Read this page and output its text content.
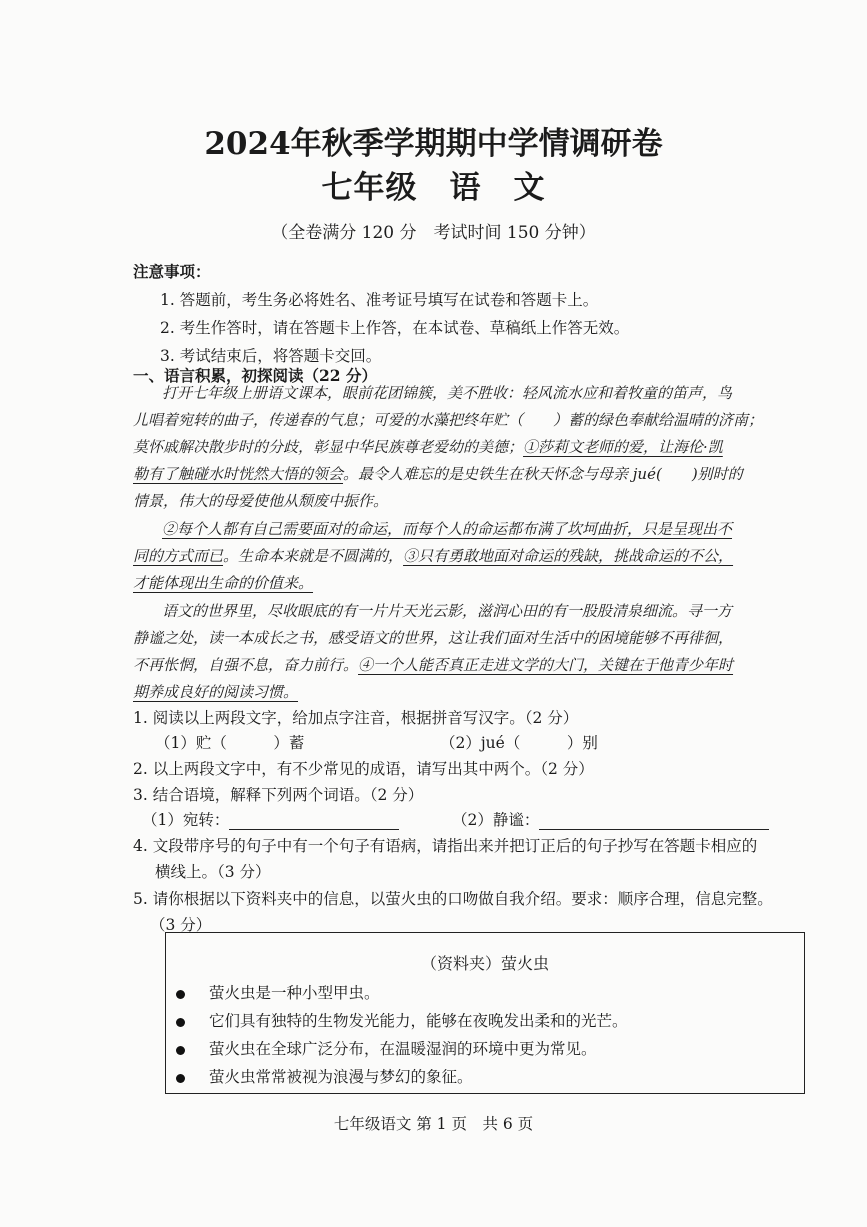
2024年秋季学期期中学情调研卷
七年级　语　文
（全卷满分 120 分　考试时间 150 分钟）
注意事项：
1. 答题前，考生务必将姓名、准考证号填写在试卷和答题卡上。
2. 考生作答时，请在答题卡上作答，在本试卷、草稿纸上作答无效。
3. 考试结束后，将答题卡交回。
一、语言积累，初探阅读（22 分）
打开七年级上册语文课本，眼前花团锦簇，美不胜收：轻风流水应和着牧童的笛声，鸟
儿唱着宛转的曲子，传递春的气息；可爱的水藻把终年贮（　　）蓄的绿色奉献给温晴的济南；
莫怀戚解决散步时的分歧，彰显中华民族尊老爱幼的美德；①莎莉文老师的爱，让海伦·凯
勒有了触碰水时恍然大悟的领会。最令人难忘的是史铁生在秋天怀念与母亲 jué(　　)别时的
情景，伟大的母爱使他从颓废中振作。
②每个人都有自己需要面对的命运，而每个人的命运都布满了坎坷曲折，只是呈现出不
同的方式而已。生命本来就是不圆满的，③只有勇敢地面对命运的残缺，挑战命运的不公，
才能体现出生命的价值来。
语文的世界里，尽收眼底的有一片片天光云影，滋润心田的有一股股清泉细流。寻一方
静谧之处，读一本成长之书，感受语文的世界，这让我们面对生活中的困境能够不再徘徊，
不再怅惘，自强不息，奋力前行。④一个人能否真正走进文学的大门，关键在于他青少年时
期养成良好的阅读习惯。
1. 阅读以上两段文字，给加点字注音，根据拼音写汉字。（2 分）
（1）贮（　　　）蓄	（2）jué（　　　）别
2. 以上两段文字中，有不少常见的成语，请写出其中两个。（2 分）
3. 结合语境，解释下列两个词语。（2 分）
（1）宛转：	（2）静谧：
4. 文段带序号的句子中有一个句子有语病，请指出来并把订正后的句子抄写在答题卡相应的
横线上。（3 分）
5. 请你根据以下资料夹中的信息，以萤火虫的口吻做自我介绍。要求：顺序合理，信息完整。
（3 分）
（资料夹）萤火虫
萤火虫是一种小型甲虫。
它们具有独特的生物发光能力，能够在夜晚发出柔和的光芒。
萤火虫在全球广泛分布，在温暖湿润的环境中更为常见。
萤火虫常常被视为浪漫与梦幻的象征。
七年级语文 第 1 页　共 6 页
